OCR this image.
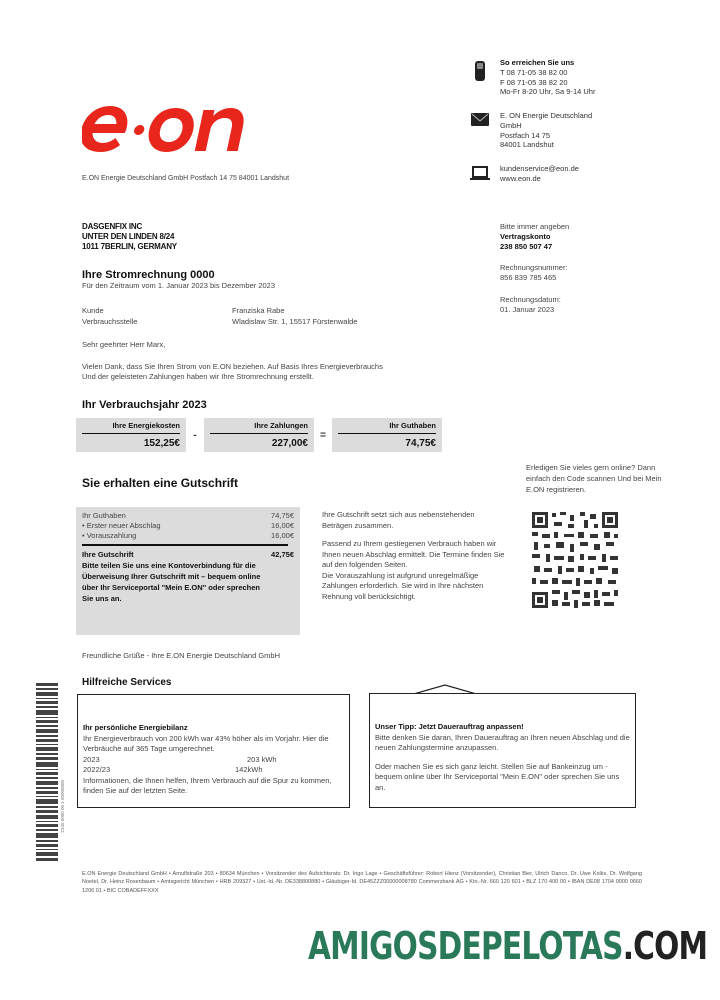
E.ON Energie Deutschland GmbH Postfach 14 75 84001 Landshut
So erreichen Sie uns
T 08 71-05 38 82 00
F 08 71-05 38 82 20
Mo-Fr 8-20 Uhr, Sa 9-14 Uhr
E. ON Energie Deutschland
GmbH
Postfach 14 75
84001 Landshut
kundenservice@eon.de
www.eon.de
DASGENFIX INC
UNTER DEN LINDEN 8/24
1011 7BERLIN, GERMANY
Ihre Stromrechnung 0000
Für den Zeitraum vom 1. Januar 2023 bis Dezember 2023
Kunde	Franziska Rabe
Verbrauchsstelle	Wladislaw Str. 1, 15517 Fürstenwalde
Bitte immer angeben
Vertragskonto
238 850 507 47
Rechnungsnummer:
856 839 785 465
Rechnungsdatum:
01. Januar 2023
Sehr geehrter Herr Marx,
Vielen Dank, dass Sie Ihren Strom von E.ON beziehen. Auf Basis Ihres Energieverbrauchs
Und der geleisteten Zahlungen haben wir Ihre Stromrechnung erstellt.
Ihr Verbrauchsjahr 2023
Ihre Energiekosten
152,25€
-
Ihre Zahlungen
227,00€
=
Ihr Guthaben
74,75€
Sie erhalten eine Gutschrift
Ihr Guthaben	74,75€
• Erster neuer Abschlag	16,00€
• Vorauszahlung	16,00€
Ihre Gutschrift	42,75€
Bitte teilen Sie uns eine Kontoverbindung für die Überweisung Ihrer Gutschrift mit – bequem online über Ihr Serviceportal "Mein E.ON" oder sprechen Sie uns an.

Ihre Gutschrift setzt sich aus nebenstehenden Beträgen zusammen.

Passend zu Ihrem gestiegenen Verbrauch haben wir Ihnen neuen Abschlag ermittelt. Die Termine finden Sie auf den folgenden Seiten.

Die Vorauszahlung ist aufgrund unregelmäßige Zahlungen erforderlich. Sie wird in Ihre nächsten Rehnung voll berücksichtigt.

Erledigen Sie vieles gern online? Dann einfach den Code scannen Und bei Mein E.ON registrieren.
Freundliche Grüße - Ihre E.ON Energie Deutschland GmbH
2345 0000 00 1 00000000
Hilfreiche Services
Ihr persönliche Energiebilanz
Ihr Energieverbrauch von 200 kWh war 43% höher als im Vorjahr. Hier die Verbräuche auf 365 Tage umgerechnet.
2023	203 kWh
2022/23	142kWh
Informationen, die Ihnen helfen, Ihrem Verbrauch auf die Spur zu kommen, finden Sie auf der letzten Seite.
Unser Tipp: Jetzt Dauerauftrag anpassen!
Bitte denken Sie daran, Ihren Dauerauftrag an Ihren neuen Abschlag und die neuen Zahlungstermine anzupassen.
Oder machen Sie es sich ganz leicht. Stellen Sie auf Bankeinzug um - bequem online über Ihr Serviceportal "Mein E.ON" oder sprechen Sie uns an.
E.ON Energie Deutschland GmbH • Arnulfstraße 203 • 80634 München • Vorsitzender des Aufsichtsrats: Dr. Ingo Lage • Geschäftsführer: Robert Hienz (Vorsitzender), Christian Bier, Ulrich Danco, Dr. Uwe Kolks, Dr. Wolfgang Noetel, Dr. Heinz Rosenbaum • Amtsgericht München • HRB 209327 • Ust.-Id.-Nr. DE338800880 • Gläubiger-Id. DE45ZZZ00000008780 Commerzbank AG • Kto.-Nr. 660 120 601 • BLZ 170 400 00 • IBAN DE08 1704 0000 0660 1206 01 • BIC COBADEFFXXX
AMIGOSDEPELOTAS.COM
